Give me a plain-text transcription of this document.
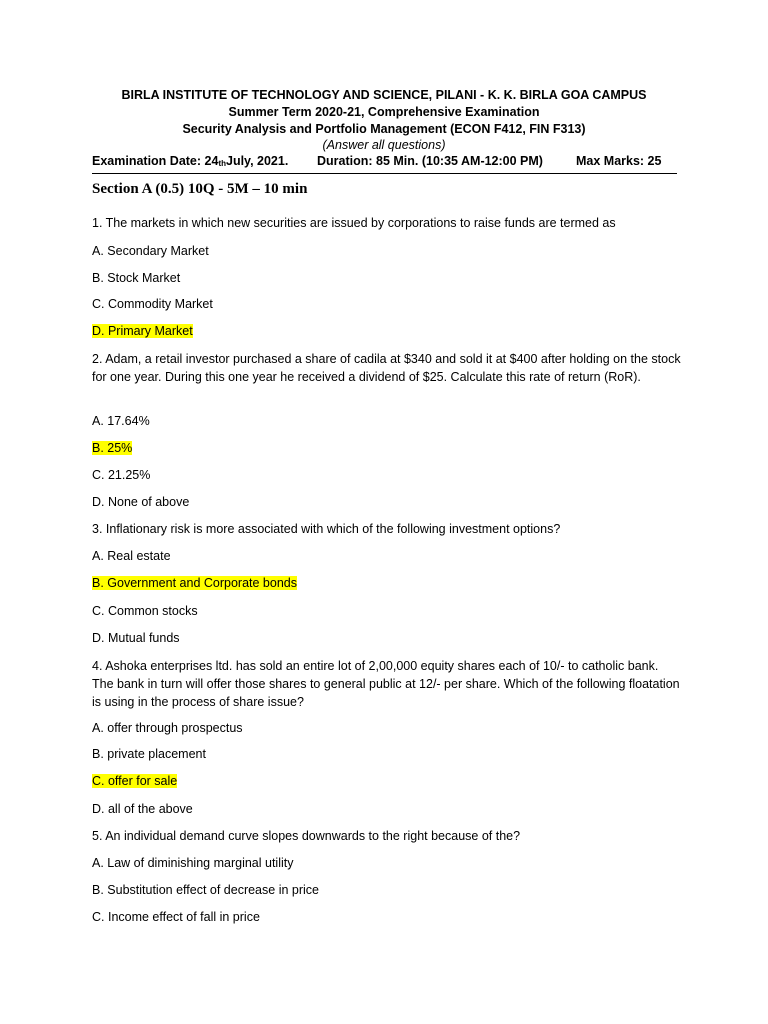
BIRLA INSTITUTE OF TECHNOLOGY AND SCIENCE, PILANI - K. K. BIRLA GOA CAMPUS
Summer Term 2020-21, Comprehensive Examination
Security Analysis and Portfolio Management (ECON F412, FIN F313)
(Answer all questions)
Examination Date: $24_{th}July$, 2021. Duration: 85 Min. (10:35 AM-12:00 PM)	Max Marks: 25
Section A (0.5) 10Q - 5M – 10 min
1. The markets in which new securities are issued by corporations to raise funds are termed as
A. Secondary Market
B. Stock Market
C. Commodity Market
D. Primary Market
2. Adam, a retail investor purchased a share of cadila at $340 and sold it at $400 after holding on the stock for one year. During this one year he received a dividend of $25. Calculate this rate of return (RoR).
A. 17.64%
B. 25%
C. 21.25%
D. None of above
3. Inflationary risk is more associated with which of the following investment options?
A. Real estate
B. Government and Corporate bonds
C. Common stocks
D. Mutual funds
4. Ashoka enterprises ltd. has sold an entire lot of 2,00,000 equity shares each of 10/- to catholic bank. The bank in turn will offer those shares to general public at 12/- per share. Which of the following floatation is using in the process of share issue?
A. offer through prospectus
B. private placement
C. offer for sale
D. all of the above
5. An individual demand curve slopes downwards to the right because of the?
A. Law of diminishing marginal utility
B. Substitution effect of decrease in price
C. Income effect of fall in price
